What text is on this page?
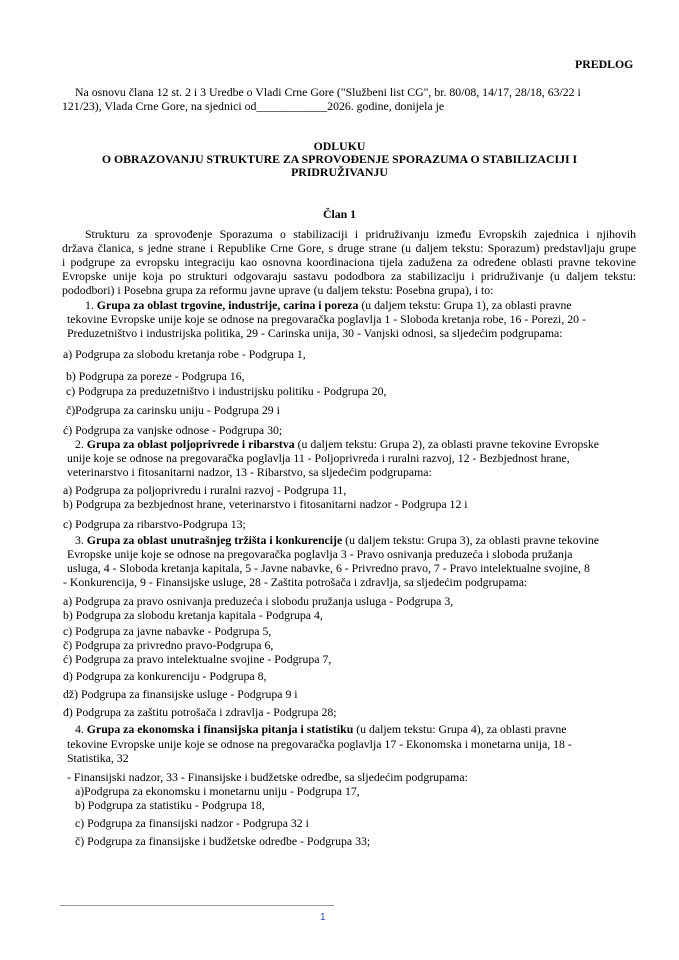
PREDLOG
Na osnovu člana 12 st. 2 i 3 Uredbe o Vladi Crne Gore ("Službeni list CG", br. 80/08, 14/17, 28/18, 63/22 i
121/23), Vlada Crne Gore, na sjednici od____________2026. godine, donijela je
ODLUKU
O OBRAZOVANJU STRUKTURE ZA SPROVOĐENJE SPORAZUMA O STABILIZACIJI I
PRIDRUŽIVANJU
Član 1
Strukturu za sprovođenje Sporazuma o stabilizaciji i pridruživanju između Evropskih zajednica i njihovih
država članica, s jedne strane i Republike Crne Gore, s druge strane (u daljem tekstu: Sporazum) predstavljaju grupe
i podgrupe za evropsku integraciju kao osnovna koordinaciona tijela zadužena za određene oblasti pravne tekovine
Evropske unije koja po strukturi odgovaraju sastavu pododbora za stabilizaciju i pridruživanje (u daljem tekstu:
pododbori) i Posebna grupa za reformu javne uprave (u daljem tekstu: Posebna grupa), i to:
1. Grupa za oblast trgovine, industrije, carina i poreza (u daljem tekstu: Grupa 1), za oblasti pravne
tekovine Evropske unije koje se odnose na pregovaračka poglavlja 1 - Sloboda kretanja robe, 16 - Porezi, 20 -
Preduzetništvo i industrijska politika, 29 - Carinska unija, 30 - Vanjski odnosi, sa sljedećim podgrupama:
a) Podgrupa za slobodu kretanja robe - Podgrupa 1,
b) Podgrupa za poreze - Podgrupa 16,
c) Podgrupa za preduzetništvo i industrijsku politiku - Podgrupa 20,
č)Podgrupa za carinsku uniju - Podgrupa 29 i
ć) Podgrupa za vanjske odnose - Podgrupa 30;
2. Grupa za oblast poljoprivrede i ribarstva (u daljem tekstu: Grupa 2), za oblasti pravne tekovine Evropske
unije koje se odnose na pregovaračka poglavlja 11 - Poljoprivreda i ruralni razvoj, 12 - Bezbjednost hrane,
veterinarstvo i fitosanitarni nadzor, 13 - Ribarstvo, sa sljedećim podgrupama:
a) Podgrupa za poljoprivredu i ruralni razvoj - Podgrupa 11,
b) Podgrupa za bezbjednost hrane, veterinarstvo i fitosanitarni nadzor - Podgrupa 12 i
c) Podgrupa za ribarstvo-Podgrupa 13;
3. Grupa za oblast unutrašnjeg tržišta i konkurencije (u daljem tekstu: Grupa 3), za oblasti pravne tekovine
Evropske unije koje se odnose na pregovaračka poglavlja 3 - Pravo osnivanja preduzeća i sloboda pružanja
usluga, 4 - Sloboda kretanja kapitala, 5 - Javne nabavke, 6 - Privredno pravo, 7 - Pravo intelektualne svojine, 8
- Konkurencija, 9 - Finansijske usluge, 28 - Zaštita potrošača i zdravlja, sa sljedećim podgrupama:
a) Podgrupa za pravo osnivanja preduzeća i slobodu pružanja usluga - Podgrupa 3,
b) Podgrupa za slobodu kretanja kapitala - Podgrupa 4,
c) Podgrupa za javne nabavke - Podgrupa 5,
č) Podgrupa za privredno pravo-Podgrupa 6,
ć) Podgrupa za pravo intelektualne svojine - Podgrupa 7,
d) Podgrupa za konkurenciju - Podgrupa 8,
dž) Podgrupa za finansijske usluge - Podgrupa 9 i
đ) Podgrupa za zaštitu potrošača i zdravlja - Podgrupa 28;
4. Grupa za ekonomska i finansijska pitanja i statistiku (u daljem tekstu: Grupa 4), za oblasti pravne
tekovine Evropske unije koje se odnose na pregovaračka poglavlja 17 - Ekonomska i monetarna unija, 18 -
Statistika, 32
- Finansijski nadzor, 33 - Finansijske i budžetske odredbe, sa sljedećim podgrupama:
a)Podgrupa za ekonomsku i monetarnu uniju - Podgrupa 17,
b) Podgrupa za statistiku - Podgrupa 18,
c) Podgrupa za finansijski nadzor - Podgrupa 32 i
č) Podgrupa za finansijske i budžetske odredbe - Podgrupa 33;
1
